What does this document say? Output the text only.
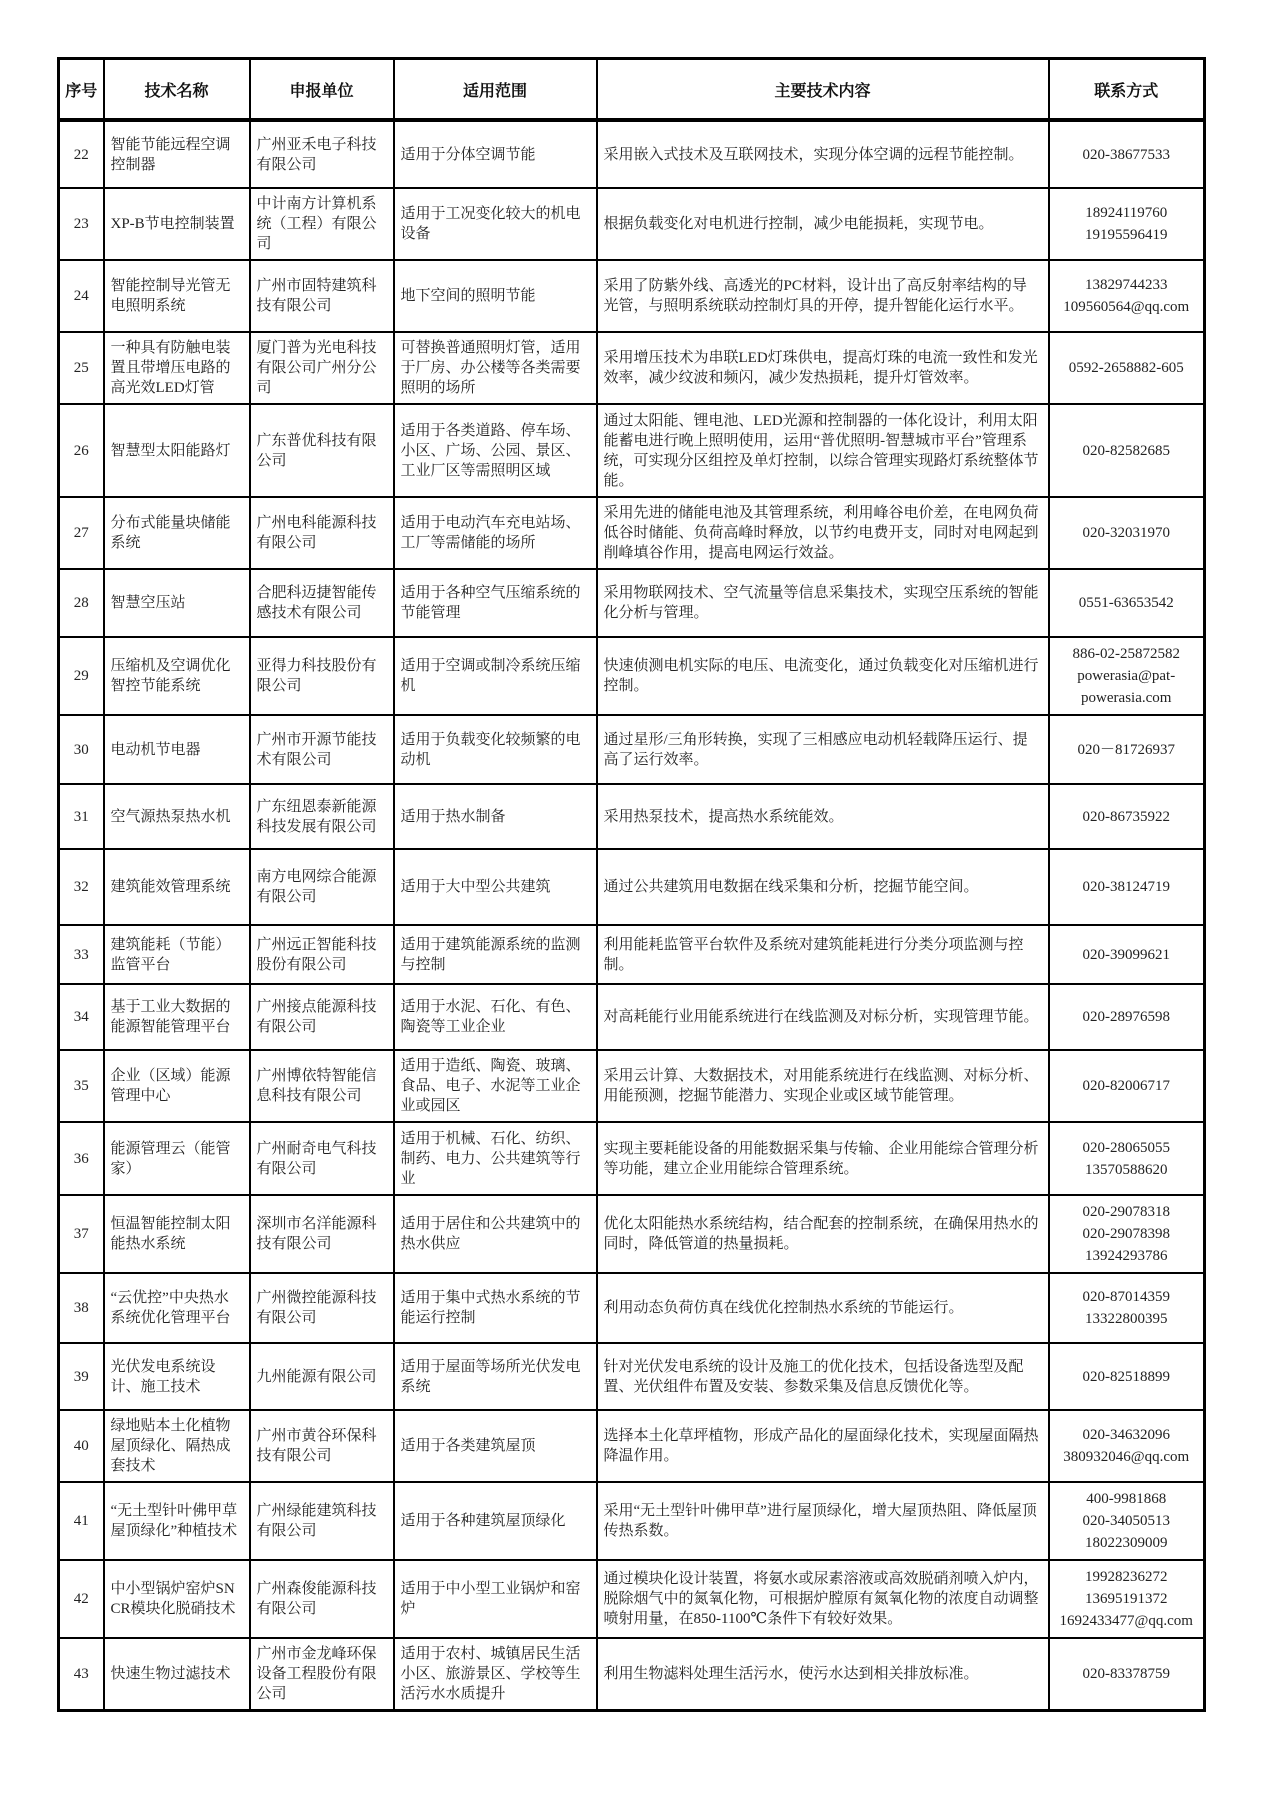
序号	技术名称	申报单位	适用范围	主要技术内容	联系方式
22	智能节能远程空调控制器	广州亚禾电子科技有限公司	适用于分体空调节能	采用嵌入式技术及互联网技术，实现分体空调的远程节能控制。	020-38677533

23	XP-B节电控制装置	中计南方计算机系统（工程）有限公司	适用于工况变化较大的机电设备	根据负载变化对电机进行控制，减少电能损耗，实现节电。	18924119760
19195596419

24	智能控制导光管无电照明系统	广州市固特建筑科技有限公司	地下空间的照明节能	采用了防紫外线、高透光的PC材料，设计出了高反射率结构的导光管，与照明系统联动控制灯具的开停，提升智能化运行水平。	13829744233
109560564@qq.com

25	一种具有防触电装置且带增压电路的高光效LED灯管	厦门普为光电科技有限公司广州分公司	可替换普通照明灯管，适用于厂房、办公楼等各类需要照明的场所	采用增压技术为串联LED灯珠供电，提高灯珠的电流一致性和发光效率，减少纹波和频闪，减少发热损耗，提升灯管效率。	0592-2658882-605

26	智慧型太阳能路灯	广东普优科技有限公司	适用于各类道路、停车场、小区、广场、公园、景区、工业厂区等需照明区域	通过太阳能、锂电池、LED光源和控制器的一体化设计，利用太阳能蓄电进行晚上照明使用，运用“普优照明-智慧城市平台”管理系统，可实现分区组控及单灯控制，以综合管理实现路灯系统整体节能。	020-82582685

27	分布式能量块储能系统	广州电科能源科技有限公司	适用于电动汽车充电站场、工厂等需储能的场所	采用先进的储能电池及其管理系统，利用峰谷电价差，在电网负荷低谷时储能、负荷高峰时释放，以节约电费开支，同时对电网起到削峰填谷作用，提高电网运行效益。	020-32031970

28	智慧空压站	合肥科迈捷智能传感技术有限公司	适用于各种空气压缩系统的节能管理	采用物联网技术、空气流量等信息采集技术，实现空压系统的智能化分析与管理。	0551-63653542

29	压缩机及空调优化智控节能系统	亚得力科技股份有限公司	适用于空调或制冷系统压缩机	快速侦测电机实际的电压、电流变化，通过负载变化对压缩机进行控制。	886-02-25872582
powerasia@pat-
powerasia.com

30	电动机节电器	广州市开源节能技术有限公司	适用于负载变化较频繁的电动机	通过星形/三角形转换，实现了三相感应电动机轻载降压运行、提高了运行效率。	020－81726937

31	空气源热泵热水机	广东纽恩泰新能源科技发展有限公司	适用于热水制备	采用热泵技术，提高热水系统能效。	020-86735922

32	建筑能效管理系统	南方电网综合能源有限公司	适用于大中型公共建筑	通过公共建筑用电数据在线采集和分析，挖掘节能空间。	020-38124719

33	建筑能耗（节能）监管平台	广州远正智能科技股份有限公司	适用于建筑能源系统的监测与控制	利用能耗监管平台软件及系统对建筑能耗进行分类分项监测与控制。	020-39099621

34	基于工业大数据的能源智能管理平台	广州接点能源科技有限公司	适用于水泥、石化、有色、陶瓷等工业企业	对高耗能行业用能系统进行在线监测及对标分析，实现管理节能。	020-28976598

35	企业（区域）能源管理中心	广州博依特智能信息科技有限公司	适用于造纸、陶瓷、玻璃、食品、电子、水泥等工业企业或园区	采用云计算、大数据技术，对用能系统进行在线监测、对标分析、用能预测，挖掘节能潜力、实现企业或区域节能管理。	020-82006717

36	能源管理云（能管家）	广州耐奇电气科技有限公司	适用于机械、石化、纺织、制药、电力、公共建筑等行业	实现主要耗能设备的用能数据采集与传输、企业用能综合管理分析等功能，建立企业用能综合管理系统。	020-28065055
13570588620

37	恒温智能控制太阳能热水系统	深圳市名洋能源科技有限公司	适用于居住和公共建筑中的热水供应	优化太阳能热水系统结构，结合配套的控制系统，在确保用热水的同时，降低管道的热量损耗。	020-29078318
020-29078398
13924293786

38	“云优控”中央热水系统优化管理平台	广州微控能源科技有限公司	适用于集中式热水系统的节能运行控制	利用动态负荷仿真在线优化控制热水系统的节能运行。	020-87014359
13322800395

39	光伏发电系统设计、施工技术	九州能源有限公司	适用于屋面等场所光伏发电系统	针对光伏发电系统的设计及施工的优化技术，包括设备选型及配置、光伏组件布置及安装、参数采集及信息反馈优化等。	020-82518899

40	绿地贴本土化植物屋顶绿化、隔热成套技术	广州市黄谷环保科技有限公司	适用于各类建筑屋顶	选择本土化草坪植物，形成产品化的屋面绿化技术，实现屋面隔热降温作用。	020-34632096
380932046@qq.com

41	“无土型针叶佛甲草屋顶绿化”种植技术	广州绿能建筑科技有限公司	适用于各种建筑屋顶绿化	采用“无土型针叶佛甲草”进行屋顶绿化，增大屋顶热阻、降低屋顶传热系数。	400-9981868
020-34050513
18022309009

42	中小型锅炉窑炉SNCR模块化脱硝技术	广州森俊能源科技有限公司	适用于中小型工业锅炉和窑炉	通过模块化设计装置，将氨水或尿素溶液或高效脱硝剂喷入炉内，脱除烟气中的氮氧化物，可根据炉膛原有氮氧化物的浓度自动调整喷射用量，在850-1100℃条件下有较好效果。	19928236272
13695191372
1692433477@qq.com

43	快速生物过滤技术	广州市金龙峰环保设备工程股份有限公司	适用于农村、城镇居民生活小区、旅游景区、学校等生活污水水质提升	利用生物滤料处理生活污水，使污水达到相关排放标准。	020-83378759
